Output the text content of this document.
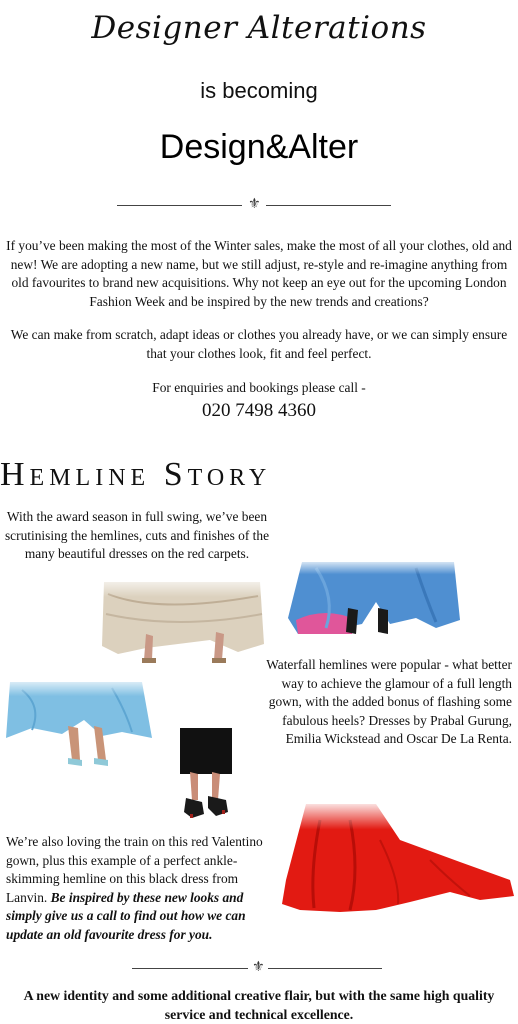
Designer Alterations
is becoming
Design&Alter
⚜
If you’ve been making the most of the Winter sales, make the most of all your clothes, old and new! We are adopting a new name, but we still adjust, re-style and re-imagine anything from old favourites to brand new acquisitions. Why not keep an eye out for the upcoming London Fashion Week and be inspired by the new trends and creations?
We can make from scratch, adapt ideas or clothes you already have, or we can simply ensure that your clothes look, fit and feel perfect.
For enquiries and bookings please call -
020 7498 4360
Hemline Story
With the award season in full swing, we’ve been scrutinising the hemlines, cuts and finishes of the many beautiful dresses on the red carpets.
Waterfall hemlines were popular - what better way to achieve the glamour of a full length gown, with the added bonus of flashing some fabulous heels? Dresses by Prabal Gurung, Emilia Wickstead and Oscar De La Renta.
We’re also loving the train on this red Valentino gown, plus this example of a perfect ankle-skimming hemline on this black dress from Lanvin. Be inspired by these new looks and simply give us a call to find out how we can update an old favourite dress for you.
⚜
A new identity and some additional creative flair, but with the same high quality service and technical excellence.
